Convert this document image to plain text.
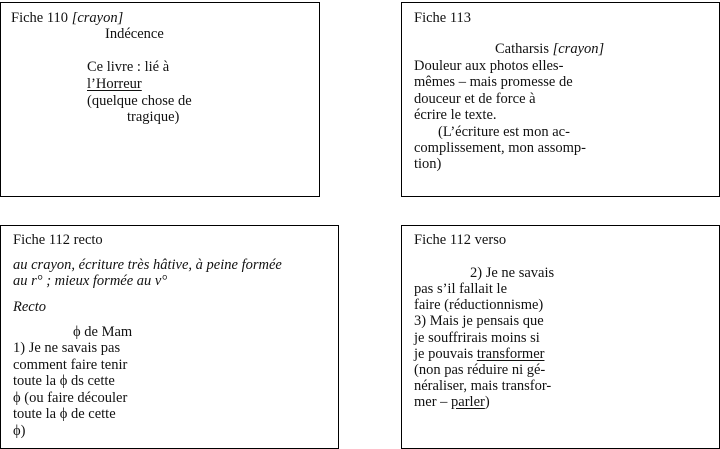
Fiche 110 [crayon]
Indécence
Ce livre : lié à
l’Horreur
(quelque chose de
tragique)
Fiche 113
Catharsis [crayon]
Douleur aux photos elles-
mêmes – mais promesse de
douceur et de force à
écrire le texte.
(L’écriture est mon ac-
complissement, mon assomp-
tion)
Fiche 112 recto
au crayon, écriture très hâtive, à peine formée
au r° ; mieux formée au v°
Recto
ϕ de Mam
1) Je ne savais pas
comment faire tenir
toute la ϕ ds cette
ϕ (ou faire découler
toute la ϕ de cette
ϕ)
Fiche 112 verso
2) Je ne savais
pas s’il fallait le
faire (réductionnisme)
3) Mais je pensais que
je souffrirais moins si
je pouvais transformer
(non pas réduire ni gé-
néraliser, mais transfor-
mer – parler)
